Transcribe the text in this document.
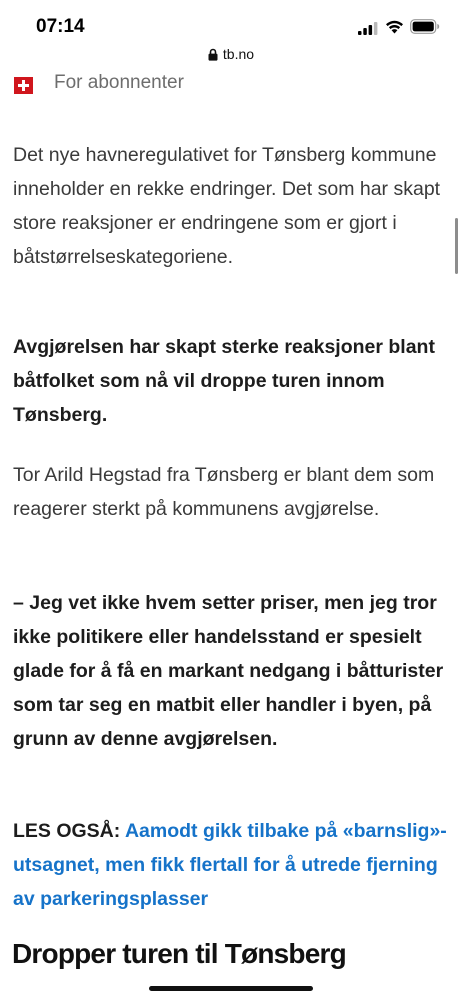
07:14
tb.no
For abonnenter

Det nye havneregulativet for Tønsberg kommune inneholder en rekke endringer. Det som har skapt store reaksjoner er endringene som er gjort i båtstørrelseskategoriene.

Avgjørelsen har skapt sterke reaksjoner blant båtfolket som nå vil droppe turen innom Tønsberg.

Tor Arild Hegstad fra Tønsberg er blant dem som reagerer sterkt på kommunens avgjørelse.

– Jeg vet ikke hvem setter priser, men jeg tror ikke politikere eller handelsstand er spesielt glade for å få en markant nedgang i båtturister som tar seg en matbit eller handler i byen, på grunn av denne avgjørelsen.

LES OGSÅ: Aamodt gikk tilbake på «barnslig»-utsagnet, men fikk flertall for å utrede fjerning av parkeringsplasser

Dropper turen til Tønsberg
